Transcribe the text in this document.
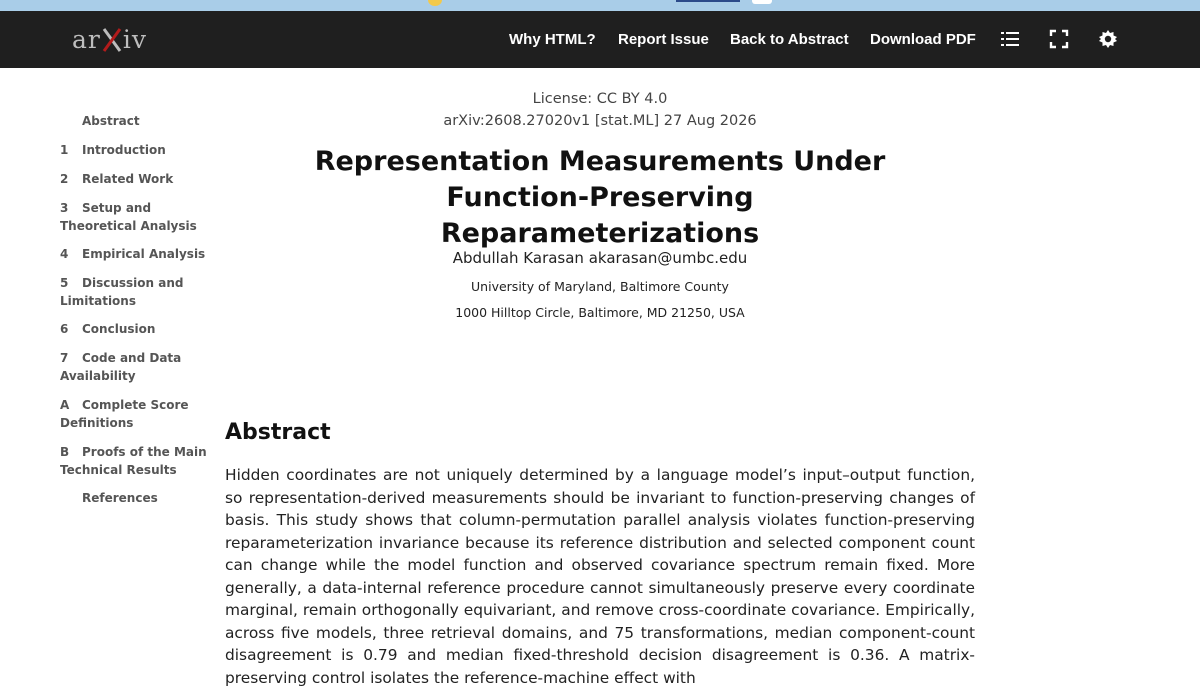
ar iv	Why HTML? Report Issue Back to Abstract Download PDF
Abstract
1 Introduction
2 Related Work
3 Setup and Theoretical Analysis
4 Empirical Analysis
5 Discussion and Limitations
6 Conclusion
7 Code and Data Availability
A Complete Score Definitions
B Proofs of the Main Technical Results
References
License: CC BY 4.0
arXiv:2608.27020v1 [stat.ML] 27 Aug 2026
Representation Measurements Under
Function-Preserving Reparameterizations
Abdullah Karasan akarasan@umbc.edu
University of Maryland, Baltimore County
1000 Hilltop Circle, Baltimore, MD 21250, USA
Abstract

Hidden coordinates are not uniquely determined by a language model’s input–output function, so representation-derived measurements should be invariant to function-preserving changes of basis. This study shows that column-permutation parallel analysis violates function-preserving reparameterization invariance because its reference distribution and selected component count can change while the model function and observed covariance spectrum remain fixed. More generally, a data-internal reference procedure cannot simultaneously preserve every coordinate marginal, remain orthogonally equivariant, and remove cross-coordinate covariance. Empirically, across five models, three retrieval domains, and 75 transformations, median component-count disagreement is 0.79 and median fixed-threshold decision disagreement is 0.36. A matrix-preserving control isolates the reference-machine effect with
